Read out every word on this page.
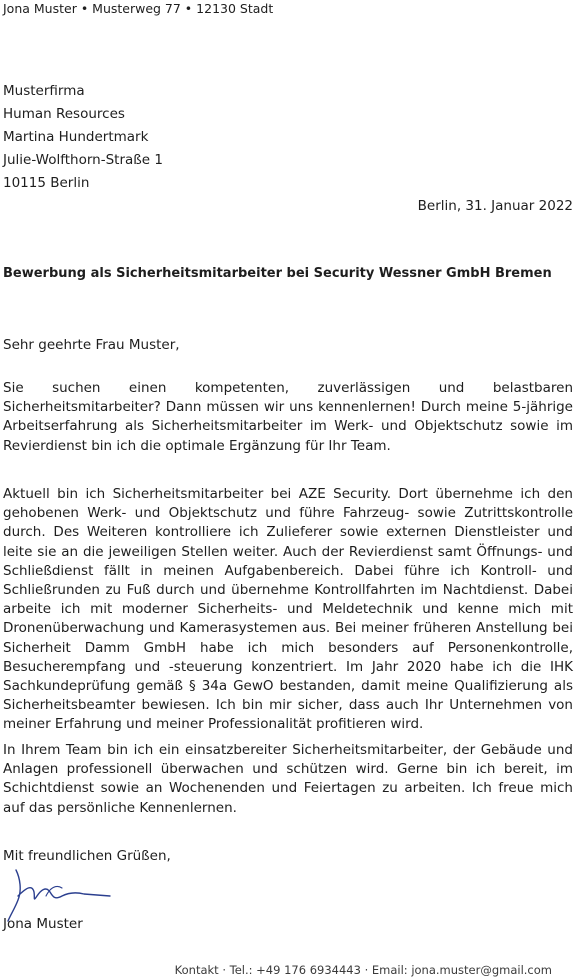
Jona Muster • Musterweg 77 • 12130 Stadt
Musterfirma
Human Resources
Martina Hundertmark
Julie-Wolfthorn-Straße 1
10115 Berlin
Berlin, 31. Januar 2022
Bewerbung als Sicherheitsmitarbeiter bei Security Wessner GmbH Bremen
Sehr geehrte Frau Muster,

Sie suchen einen kompetenten, zuverlässigen und belastbaren Sicherheitsmitarbeiter? Dann müssen wir uns kennenlernen! Durch meine 5-jährige Arbeitserfahrung als Sicherheitsmitarbeiter im Werk- und Objektschutz sowie im Revierdienst bin ich die optimale Ergänzung für Ihr Team.

Aktuell bin ich Sicherheitsmitarbeiter bei AZE Security. Dort übernehme ich den gehobenen Werk- und Objektschutz und führe Fahrzeug- sowie Zutrittskontrolle durch. Des Weiteren kontrolliere ich Zulieferer sowie externen Dienstleister und leite sie an die jeweiligen Stellen weiter. Auch der Revierdienst samt Öffnungs- und Schließdienst fällt in meinen Aufgabenbereich. Dabei führe ich Kontroll- und Schließrunden zu Fuß durch und übernehme Kontrollfahrten im Nachtdienst. Dabei arbeite ich mit moderner Sicherheits- und Meldetechnik und kenne mich mit Dronenüberwachung und Kamerasystemen aus. Bei meiner früheren Anstellung bei Sicherheit Damm GmbH habe ich mich besonders auf Personenkontrolle, Besucherempfang und -steuerung konzentriert. Im Jahr 2020 habe ich die IHK Sachkundeprüfung gemäß § 34a GewO bestanden, damit meine Qualifizierung als Sicherheitsbeamter bewiesen. Ich bin mir sicher, dass auch Ihr Unternehmen von meiner Erfahrung und meiner Professionalität profitieren wird.

In Ihrem Team bin ich ein einsatzbereiter Sicherheitsmitarbeiter, der Gebäude und Anlagen professionell überwachen und schützen wird. Gerne bin ich bereit, im Schichtdienst sowie an Wochenenden und Feiertagen zu arbeiten. Ich freue mich auf das persönliche Kennenlernen.

Mit freundlichen Grüßen,
Jona Muster
Kontakt · Tel.: +49 176 6934443 · Email: jona.muster@gmail.com
